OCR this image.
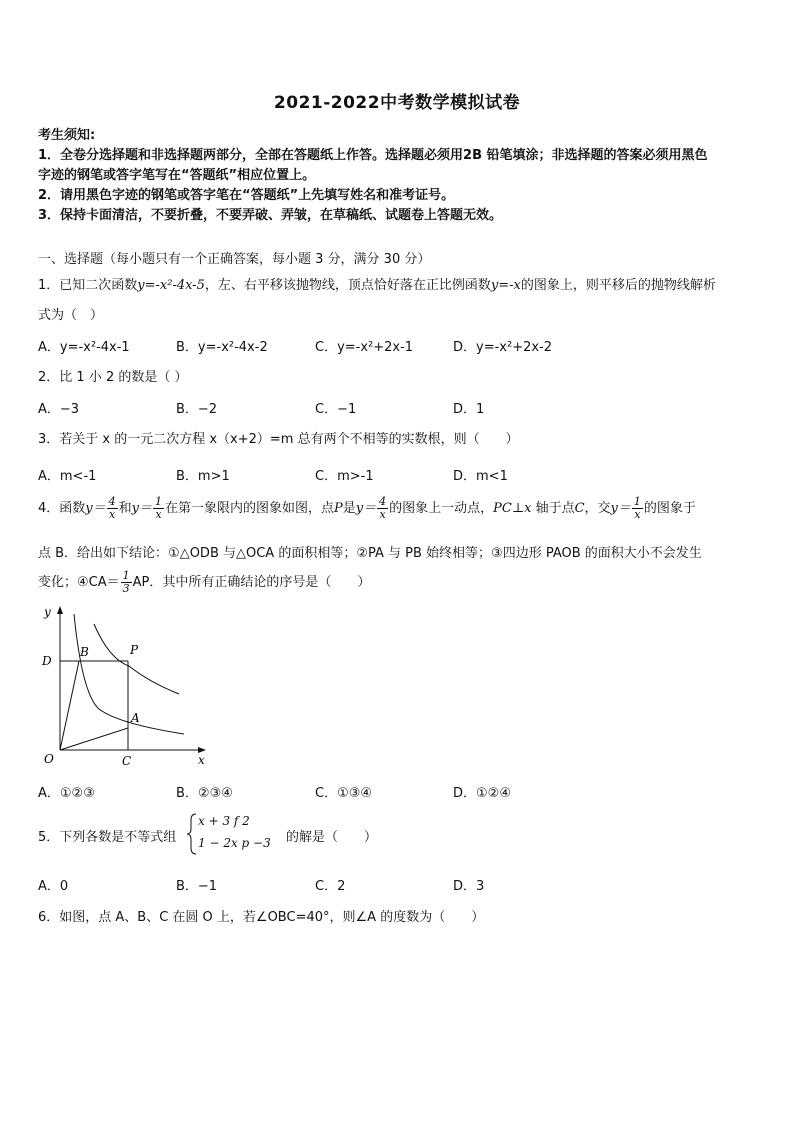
2021-2022中考数学模拟试卷
考生须知:
1．全卷分选择题和非选择题两部分，全部在答题纸上作答。选择题必须用2B 铅笔填涂；非选择题的答案必须用黑色
字迹的钢笔或答字笔写在“答题纸”相应位置上。
2．请用黑色字迹的钢笔或答字笔在“答题纸”上先填写姓名和准考证号。
3．保持卡面清洁，不要折叠，不要弄破、弄皱，在草稿纸、试题卷上答题无效。
一、选择题（每小题只有一个正确答案，每小题 3 分，满分 30 分）
1．已知二次函数y=-x²-4x-5，左、右平移该抛物线，顶点恰好落在正比例函数y=-x的图象上，则平移后的抛物线解析
式为（　）
A．y=-x²-4x-1	B．y=-x²-4x-2	C．y=-x²+2x-1	D．y=-x²+2x-2
2．比 1 小 2 的数是（ ）
A．−3	B．−2	C．−1	D．1
3．若关于 x 的一元二次方程 x（x+2）=m 总有两个不相等的实数根，则（　　）
A．m<-1	B．m>1	C．m>-1	D．m<1
4．函数$y= \frac{4}{x}$ 和$y= \frac{1}{x}$ 在第一象限内的图象如图，点P是$y= \frac{4}{x}$ 的图象上一动点，PC⊥x 轴于点C，交$y= \frac{1}{x}$ 的图象于
点 B．给出如下结论：①△ODB 与△OCA 的面积相等；②PA 与 PB 始终相等；③四边形 PAOB 的面积大小不会发生
变化；④CA＝ $\frac{1}{3}$ AP．其中所有正确结论的序号是（　　）
y
x
D
B	P
A
O	C
A．①②③	B．②③④	C．①③④	D．①②④
5．下列各数是不等式组
x + 3 f 2
1 − 2x p −3 的解是（　　）
A．0	B．−1	C．2	D．3
6．如图，点 A、B、C 在圆 O 上，若∠OBC=40°，则∠A 的度数为（　　）
